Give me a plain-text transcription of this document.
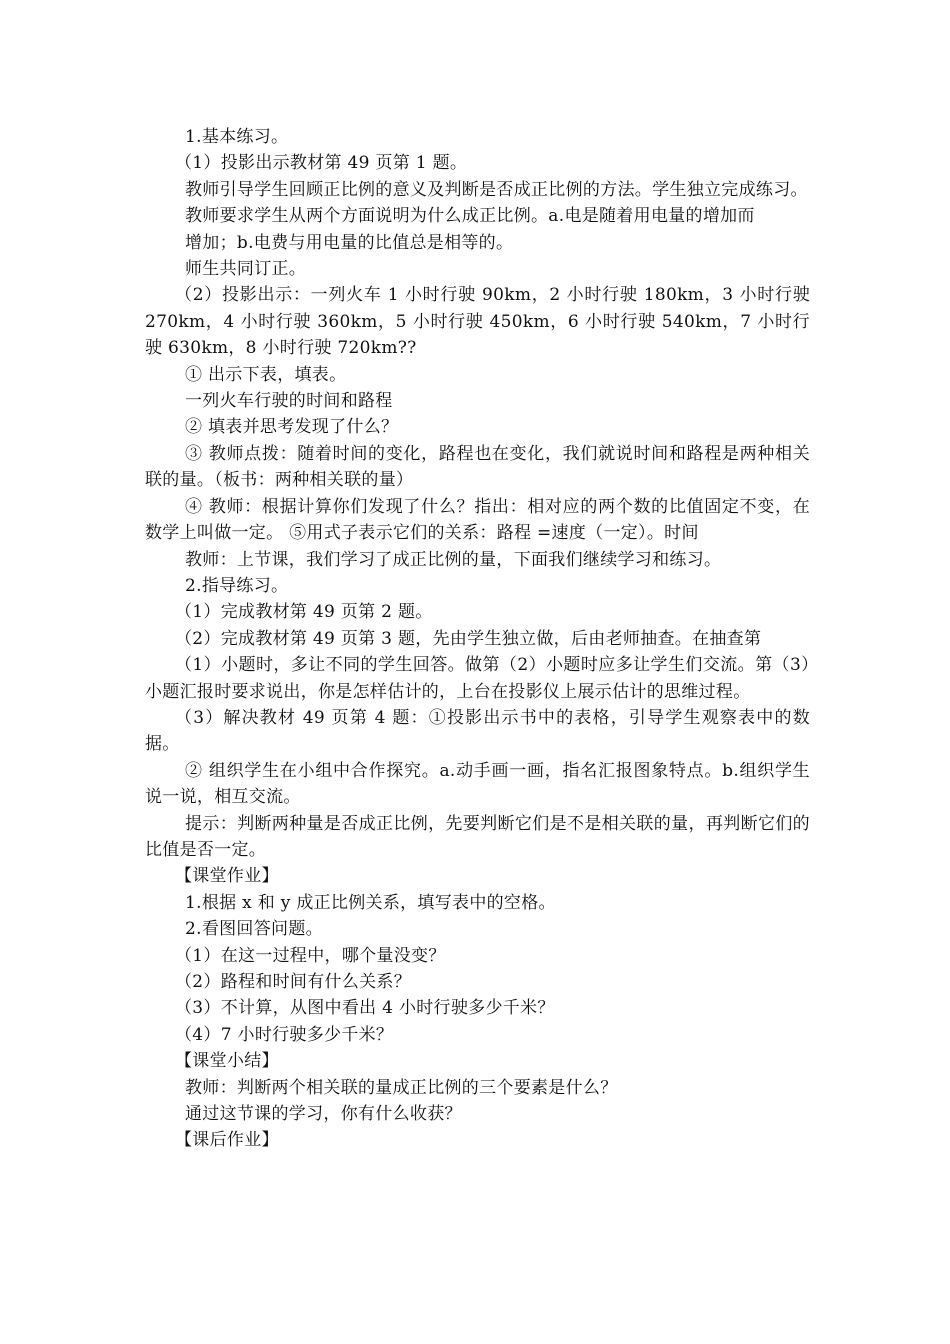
1.基本练习。

（1）投影出示教材第 49 页第 1 题。

教师引导学生回顾正比例的意义及判断是否成正比例的方法。学生独立完成练习。

教师要求学生从两个方面说明为什么成正比例。a.电是随着用电量的增加而

增加；b.电费与用电量的比值总是相等的。

师生共同订正。

（2）投影出示：一列火车 1 小时行驶 90km，2 小时行驶 180km，3 小时行驶 270km，4 小时行驶 360km，5 小时行驶 450km，6 小时行驶 540km，7 小时行驶 630km，8 小时行驶 720km??

① 出示下表，填表。

一列火车行驶的时间和路程

② 填表并思考发现了什么？

③ 教师点拨：随着时间的变化，路程也在变化，我们就说时间和路程是两种相关联的量。（板书：两种相关联的量）

④ 教师：根据计算你们发现了什么？指出：相对应的两个数的比值固定不变，在数学上叫做一定。 ⑤用式子表示它们的关系：路程 =速度（一定）。时间

教师：上节课，我们学习了成正比例的量，下面我们继续学习和练习。

2.指导练习。

（1）完成教材第 49 页第 2 题。

（2）完成教材第 49 页第 3 题，先由学生独立做，后由老师抽查。在抽查第

（1）小题时，多让不同的学生回答。做第（2）小题时应多让学生们交流。第（3）小题汇报时要求说出，你是怎样估计的，上台在投影仪上展示估计的思维过程。

（3）解决教材 49 页第 4 题：①投影出示书中的表格，引导学生观察表中的数据。

② 组织学生在小组中合作探究。a.动手画一画，指名汇报图象特点。b.组织学生说一说，相互交流。

提示：判断两种量是否成正比例，先要判断它们是不是相关联的量，再判断它们的比值是否一定。

【课堂作业】

1.根据 x 和 y 成正比例关系，填写表中的空格。

2.看图回答问题。

（1）在这一过程中，哪个量没变？

（2）路程和时间有什么关系？

（3）不计算，从图中看出 4 小时行驶多少千米？

（4）7 小时行驶多少千米？

【课堂小结】

教师：判断两个相关联的量成正比例的三个要素是什么？

通过这节课的学习，你有什么收获？

【课后作业】
